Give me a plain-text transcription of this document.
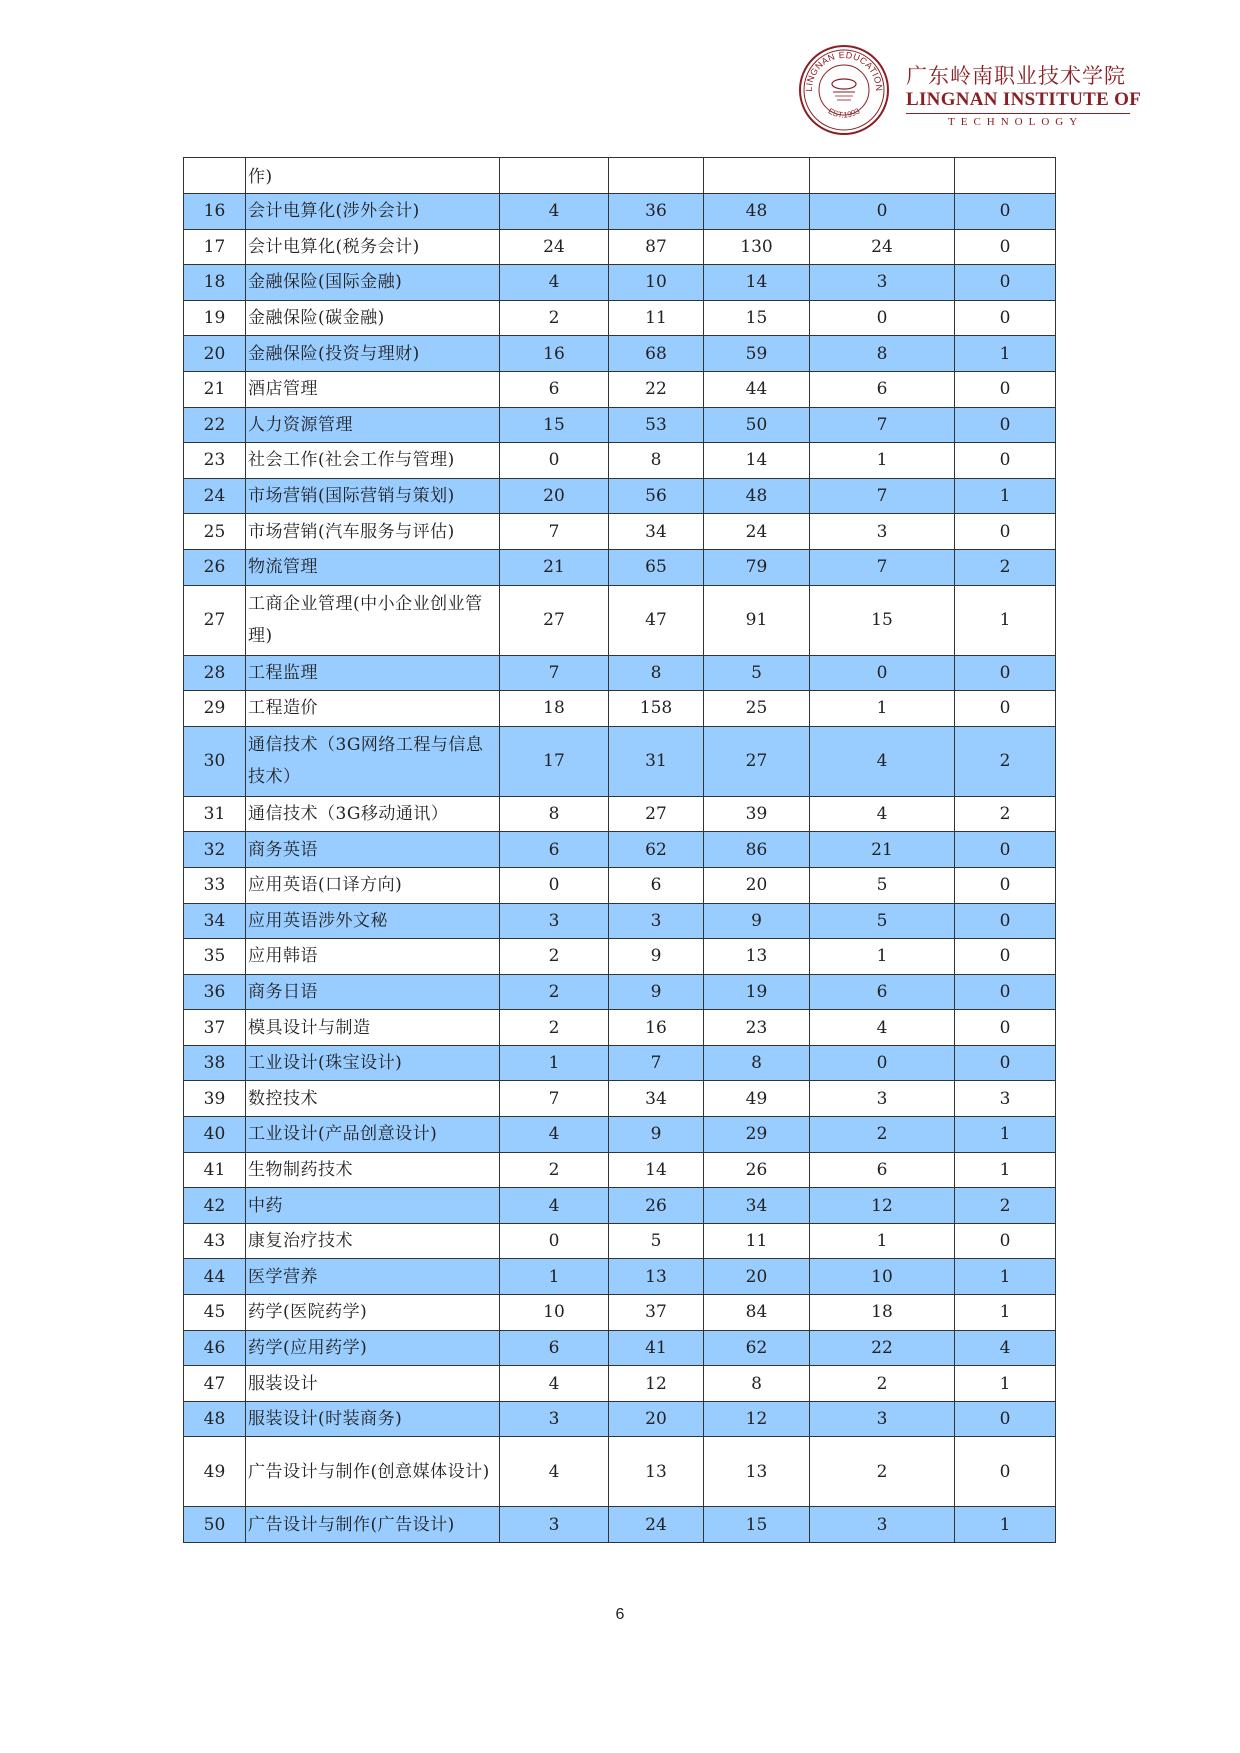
LINGNAN EDUCATION
EST.1993
广东岭南职业技术学院
LINGNAN INSTITUTE OF
TECHNOLOGY
	作)					
16	会计电算化(涉外会计)	4	36	48	0	0
17	会计电算化(税务会计)	24	87	130	24	0
18	金融保险(国际金融)	4	10	14	3	0
19	金融保险(碳金融)	2	11	15	0	0
20	金融保险(投资与理财)	16	68	59	8	1
21	酒店管理	6	22	44	6	0
22	人力资源管理	15	53	50	7	0
23	社会工作(社会工作与管理)	0	8	14	1	0
24	市场营销(国际营销与策划)	20	56	48	7	1
25	市场营销(汽车服务与评估)	7	34	24	3	0
26	物流管理	21	65	79	7	2
27	工商企业管理(中小企业创业管理)	27	47	91	15	1
28	工程监理	7	8	5	0	0
29	工程造价	18	158	25	1	0
30	通信技术（3G网络工程与信息技术）	17	31	27	4	2
31	通信技术（3G移动通讯）	8	27	39	4	2
32	商务英语	6	62	86	21	0
33	应用英语(口译方向)	0	6	20	5	0
34	应用英语涉外文秘	3	3	9	5	0
35	应用韩语	2	9	13	1	0
36	商务日语	2	9	19	6	0
37	模具设计与制造	2	16	23	4	0
38	工业设计(珠宝设计)	1	7	8	0	0
39	数控技术	7	34	49	3	3
40	工业设计(产品创意设计)	4	9	29	2	1
41	生物制药技术	2	14	26	6	1
42	中药	4	26	34	12	2
43	康复治疗技术	0	5	11	1	0
44	医学营养	1	13	20	10	1
45	药学(医院药学)	10	37	84	18	1
46	药学(应用药学)	6	41	62	22	4
47	服装设计	4	12	8	2	1
48	服装设计(时装商务)	3	20	12	3	0
49	广告设计与制作(创意媒体设计)	4	13	13	2	0
50	广告设计与制作(广告设计)	3	24	15	3	1
6
